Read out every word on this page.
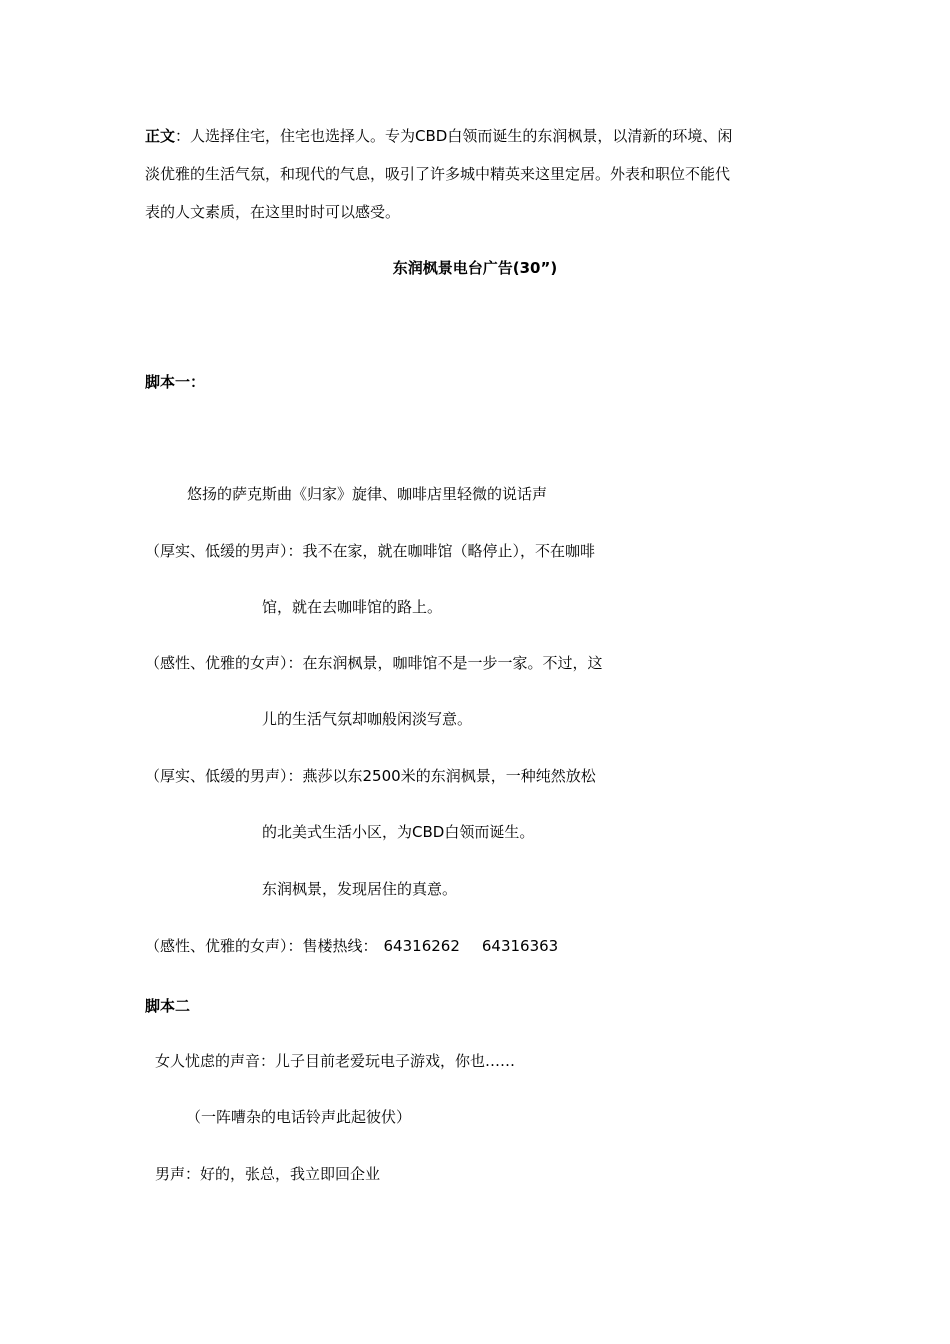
正文：人选择住宅，住宅也选择人。专为CBD白领而诞生的东润枫景，以清新的环境、闲
淡优雅的生活气氛，和现代的气息，吸引了许多城中精英来这里定居。外表和职位不能代
表的人文素质，在这里时时可以感受。
东润枫景电台广告(30”)
脚本一：
悠扬的萨克斯曲《归家》旋律、咖啡店里轻微的说话声
（厚实、低缓的男声）：我不在家，就在咖啡馆（略停止），不在咖啡
馆，就在去咖啡馆的路上。
（感性、优雅的女声）：在东润枫景，咖啡馆不是一步一家。不过，这
儿的生活气氛却咖般闲淡写意。
（厚实、低缓的男声）：燕莎以东2500米的东润枫景，一种纯然放松
的北美式生活小区，为CBD白领而诞生。
东润枫景，发现居住的真意。
（感性、优雅的女声）：售楼热线： 64316262 64316363
脚本二
女人忧虑的声音：儿子目前老爱玩电子游戏，你也……
（一阵嘈杂的电话铃声此起彼伏）
男声：好的，张总，我立即回企业
